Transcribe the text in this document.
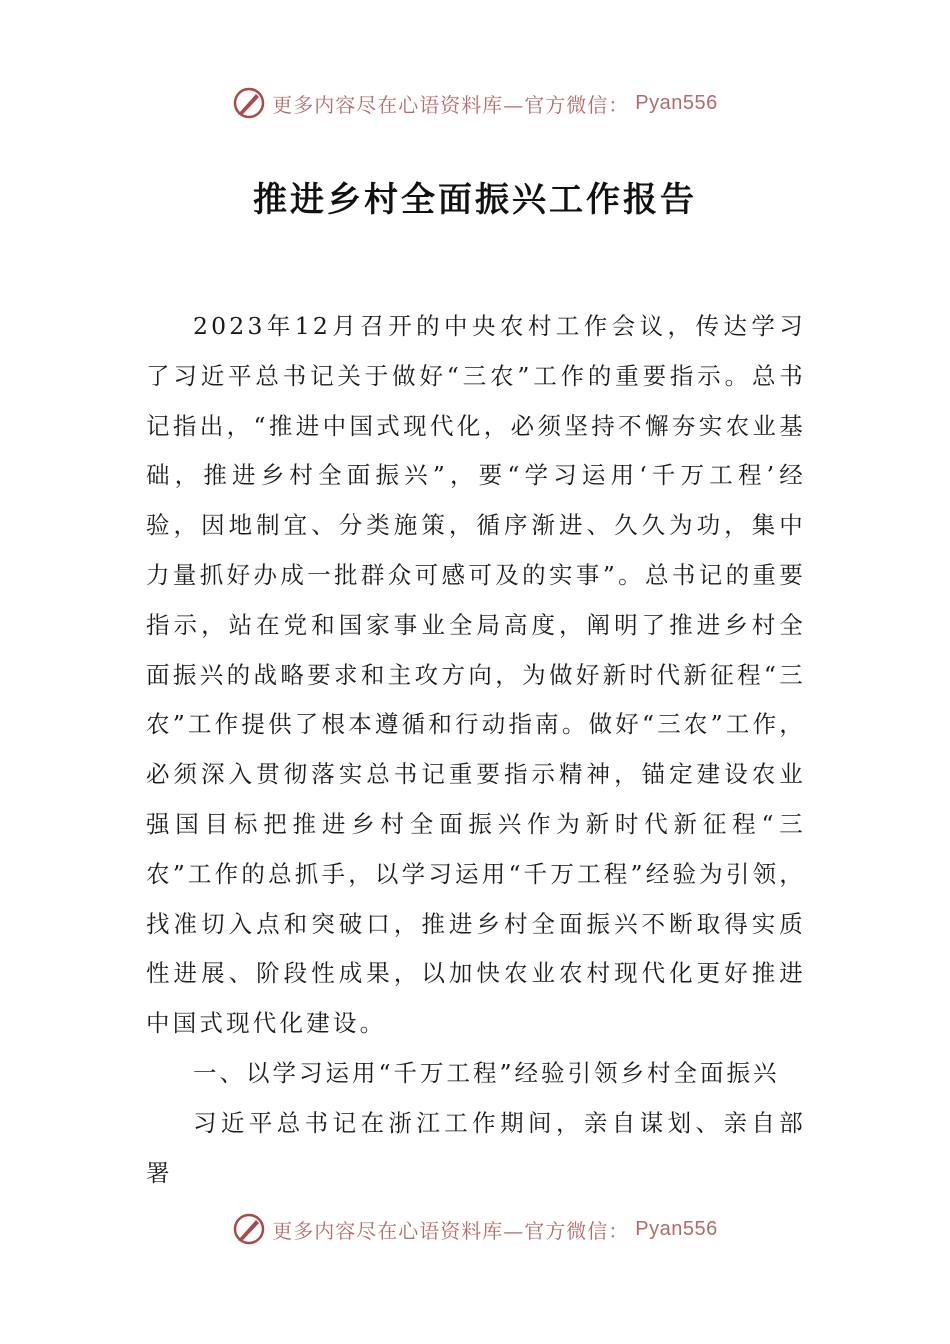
更多内容尽在心语资料库—官方微信： Pyan556
推进乡村全面振兴工作报告

2023年12月召开的中央农村工作会议，传达学习了习近平总书记关于做好“三农”工作的重要指示。总书记指出，“推进中国式现代化，必须坚持不懈夯实农业基础，推进乡村全面振兴”，要“学习运用‘千万工程’经验，因地制宜、分类施策，循序渐进、久久为功，集中力量抓好办成一批群众可感可及的实事”。总书记的重要指示，站在党和国家事业全局高度，阐明了推进乡村全面振兴的战略要求和主攻方向，为做好新时代新征程“三农”工作提供了根本遵循和行动指南。做好“三农”工作，必须深入贯彻落实总书记重要指示精神，锚定建设农业强国目标把推进乡村全面振兴作为新时代新征程“三农”工作的总抓手，以学习运用“千万工程”经验为引领，找准切入点和突破口，推进乡村全面振兴不断取得实质性进展、阶段性成果，以加快农业农村现代化更好推进中国式现代化建设。

一、以学习运用“千万工程”经验引领乡村全面振兴

习近平总书记在浙江工作期间，亲自谋划、亲自部署

更多内容尽在心语资料库—官方微信： Pyan556
